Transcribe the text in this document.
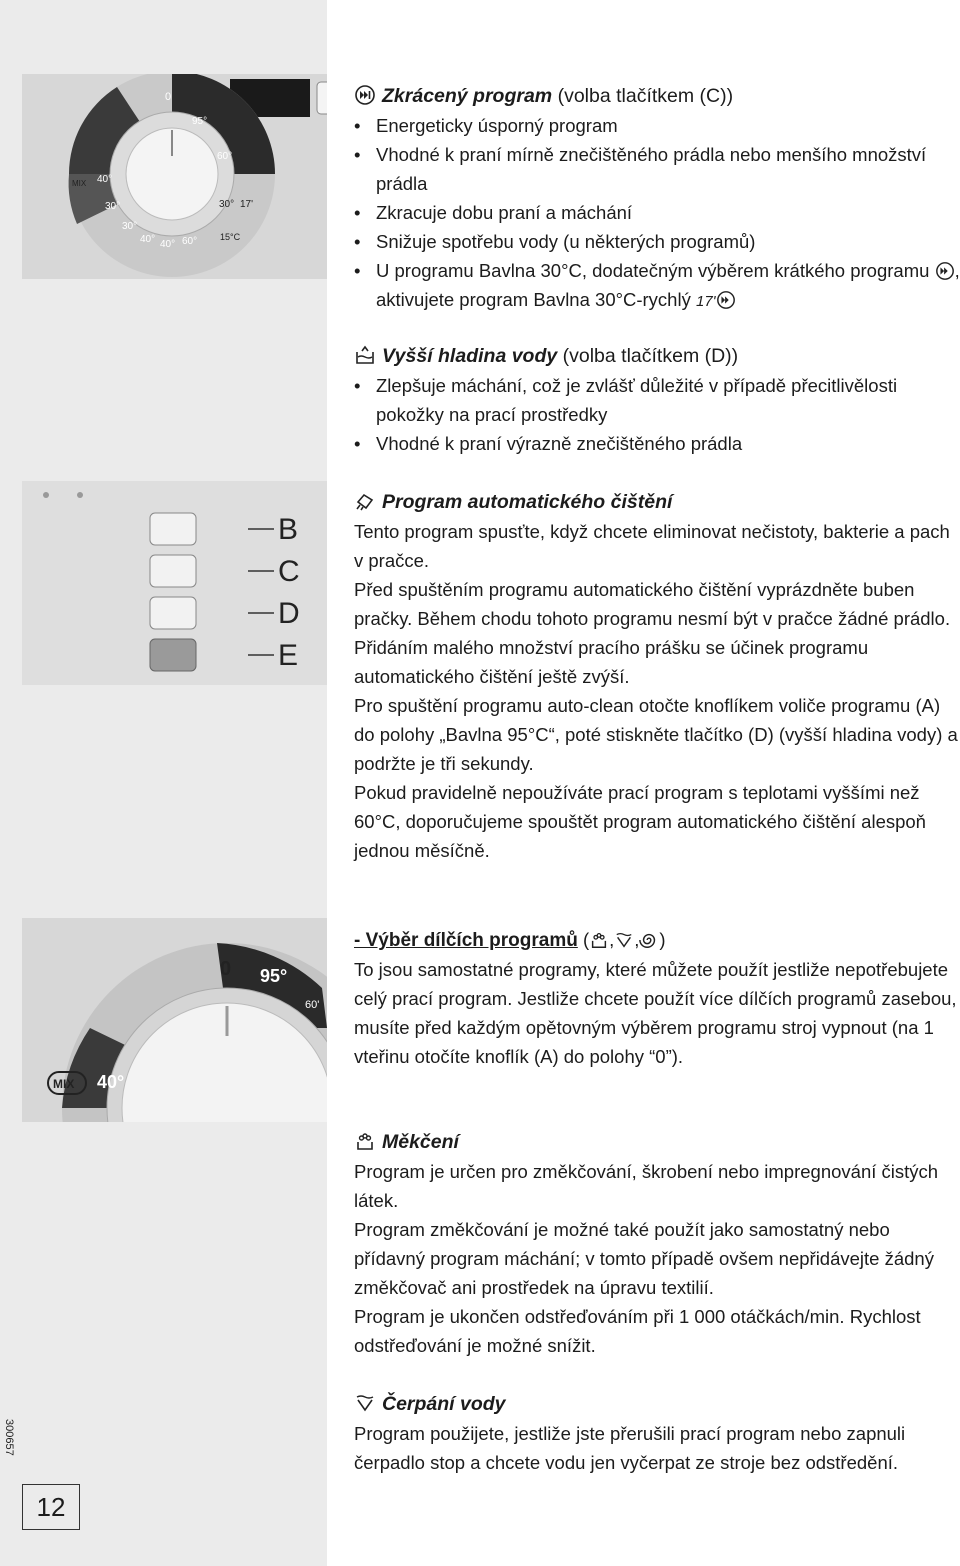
0
95°
60°
40°
30°
30°
40° 40° 60°
30° 17'
15°C
MIX
B
C
D
E
0 95°
40°
MIX
60'
300657
12
Zkrácený program (volba tlačítkem (C))
• Energeticky úsporný program
• Vhodné k praní mírně znečištěného prádla nebo menšího množství prádla
• Zkracuje dobu praní a máchání
• Snižuje spotřebu vody (u některých programů)
• U programu Bavlna 30°C, dodatečným výběrem krátkého programu , aktivujete program Bavlna 30°C-rychlý 17'
Vyšší hladina vody (volba tlačítkem (D))
• Zlepšuje máchání, což je zvlášť důležité v případě přecitlivělosti pokožky na prací prostředky
• Vhodné k praní výrazně znečištěného prádla
Program automatického čištění

Tento program spusťte, když chcete eliminovat nečistoty, bakterie a pach v pračce.

Před spuštěním programu automatického čištění vyprázdněte buben pračky. Během chodu tohoto programu nesmí být v pračce žádné prádlo.

Přidáním malého množství pracího prášku se účinek programu automatického čištění ještě zvýší.

Pro spuštění programu auto-clean otočte knoflíkem voliče programu (A) do polohy „Bavlna 95°C“, poté stiskněte tlačítko (D) (vyšší hladina vody) a podržte je tři sekundy.

Pokud pravidelně nepoužíváte prací program s teplotami vyššími než 60°C, doporučujeme spouštět program automatického čištění alespoň jednou měsíčně.

- Výběr dílčích programů ( , , )

To jsou samostatné programy, které můžete použít jestliže nepotřebujete celý prací program. Jestliže chcete použít více dílčích programů zasebou, musíte před každým opětovným výběrem programu stroj vypnout (na 1 vteřinu otočíte knoflík (A) do polohy “0”).

Měkčení

Program je určen pro změkčování, škrobení nebo impregnování čistých látek.

Program změkčování je možné také použít jako samostatný nebo přídavný program máchání; v tomto případě ovšem nepřidávejte žádný změkčovač ani prostředek na úpravu textilií.

Program je ukončen odstřeďováním při 1 000 otáčkách/min. Rychlost odstřeďování je možné snížit.

Čerpání vody

Program použijete, jestliže jste přerušili prací program nebo zapnuli čerpadlo stop a chcete vodu jen vyčerpat ze stroje bez odstředění.
